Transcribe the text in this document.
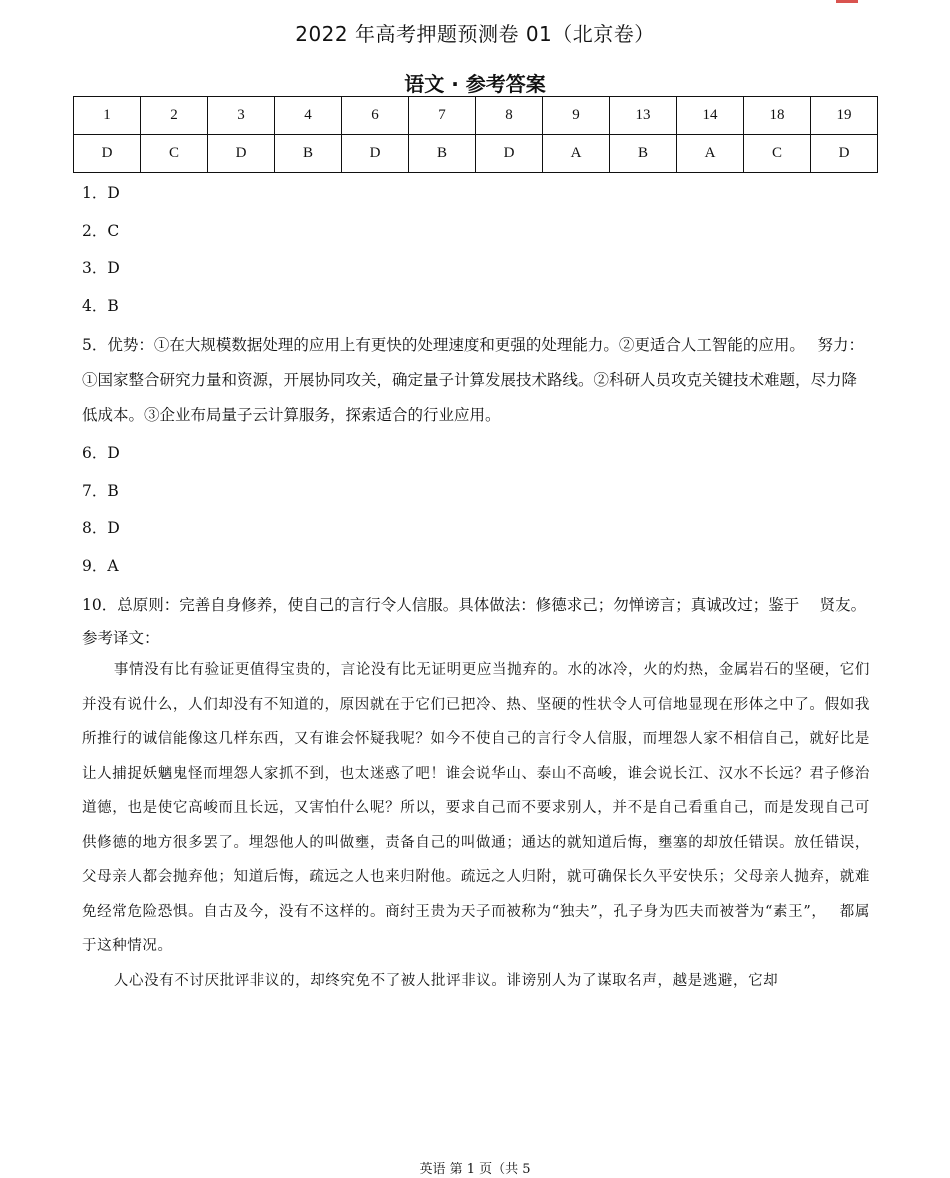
2022 年高考押题预测卷 01（北京卷）
语文 · 参考答案
1	2	3	4	6	7	8	9	13	14	18	19
D	C	D	B	D	B	D	A	B	A	C	D

1．D

2．C

3．D

4．B

5．优势：①在大规模数据处理的应用上有更快的处理速度和更强的处理能力。②更适合人工智能的应用。　 努力：①国家整合研究力量和资源，开展协同攻关，确定量子计算发展技术路线。②科研人员攻克关键技术难题，尽力降低成本。③企业布局量子云计算服务，探索适合的行业应用。

6．D

7．B

8．D

9．A

10．总原则：完善自身修养，使自己的言行令人信服。具体做法：修德求己；勿惮谤言；真诚改过；鉴于　 贤友。

参考译文：

事情没有比有验证更值得宝贵的，言论没有比无证明更应当抛弃的。水的冰冷，火的灼热，金属岩石的坚硬，它们并没有说什么，人们却没有不知道的，原因就在于它们已把冷、热、坚硬的性状令人可信地显现在形体之中了。假如我所推行的诚信能像这几样东西，又有谁会怀疑我呢？如今不使自己的言行令人信服，而埋怨人家不相信自己，就好比是让人捕捉妖魑鬼怪而埋怨人家抓不到，也太迷惑了吧！谁会说华山、泰山不高峻，谁会说长江、汉水不长远？君子修治道德，也是使它高峻而且长远，又害怕什么呢？所以，要求自己而不要求别人，并不是自己看重自己，而是发现自己可供修德的地方很多罢了。埋怨他人的叫做壅，责备自己的叫做通；通达的就知道后悔，壅塞的却放任错误。放任错误，父母亲人都会抛弃他；知道后悔，疏远之人也来归附他。疏远之人归附，就可确保长久平安快乐；父母亲人抛弃，就难免经常危险恐惧。自古及今，没有不这样的。商纣王贵为天子而被称为“独夫”，孔子身为匹夫而被誉为“素王”，　 都属于这种情况。

人心没有不讨厌批评非议的，却终究免不了被人批评非议。诽谤别人为了谋取名声，越是逃避，它却

英语 第 1 页（共 5
